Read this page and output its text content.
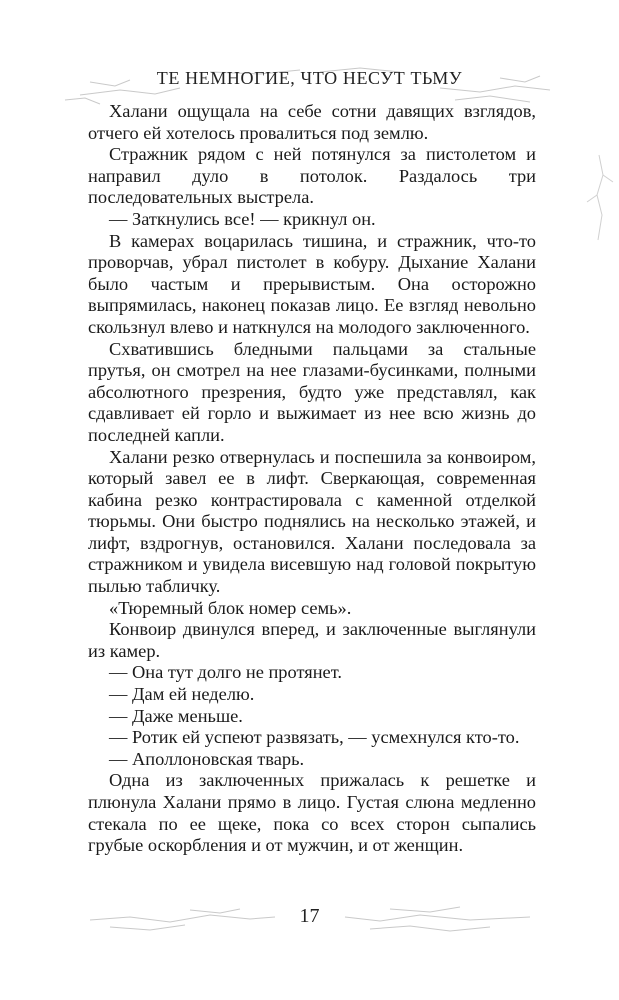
ТЕ НЕМНОГИЕ, ЧТО НЕСУТ ТЬМУ

Халани ощущала на себе сотни давящих взглядов, отчего ей хотелось провалиться под землю.

Стражник рядом с ней потянулся за пистолетом и направил дуло в потолок. Раздалось три последовательных выстрела.

— Заткнулись все! — крикнул он.

В камерах воцарилась тишина, и стражник, что-то проворчав, убрал пистолет в кобуру. Дыхание Халани было частым и прерывистым. Она осторожно выпрямилась, наконец показав лицо. Ее взгляд невольно скользнул влево и наткнулся на молодого заключенного.

Схватившись бледными пальцами за стальные прутья, он смотрел на нее глазами-бусинками, полными абсолютного презрения, будто уже представлял, как сдавливает ей горло и выжимает из нее всю жизнь до последней капли.

Халани резко отвернулась и поспешила за конвоиром, который завел ее в лифт. Сверкающая, современная кабина резко контрастировала с каменной отделкой тюрьмы. Они быстро поднялись на несколько этажей, и лифт, вздрогнув, остановился. Халани последовала за стражником и увидела висевшую над головой покрытую пылью табличку.

«Тюремный блок номер семь».

Конвоир двинулся вперед, и заключенные выглянули из камер.

— Она тут долго не протянет.

— Дам ей неделю.

— Даже меньше.

— Ротик ей успеют развязать, — усмехнулся кто-то.

— Аполлоновская тварь.

Одна из заключенных прижалась к решетке и плюнула Халани прямо в лицо. Густая слюна медленно стекала по ее щеке, пока со всех сторон сыпались грубые оскорбления и от мужчин, и от женщин.

17
